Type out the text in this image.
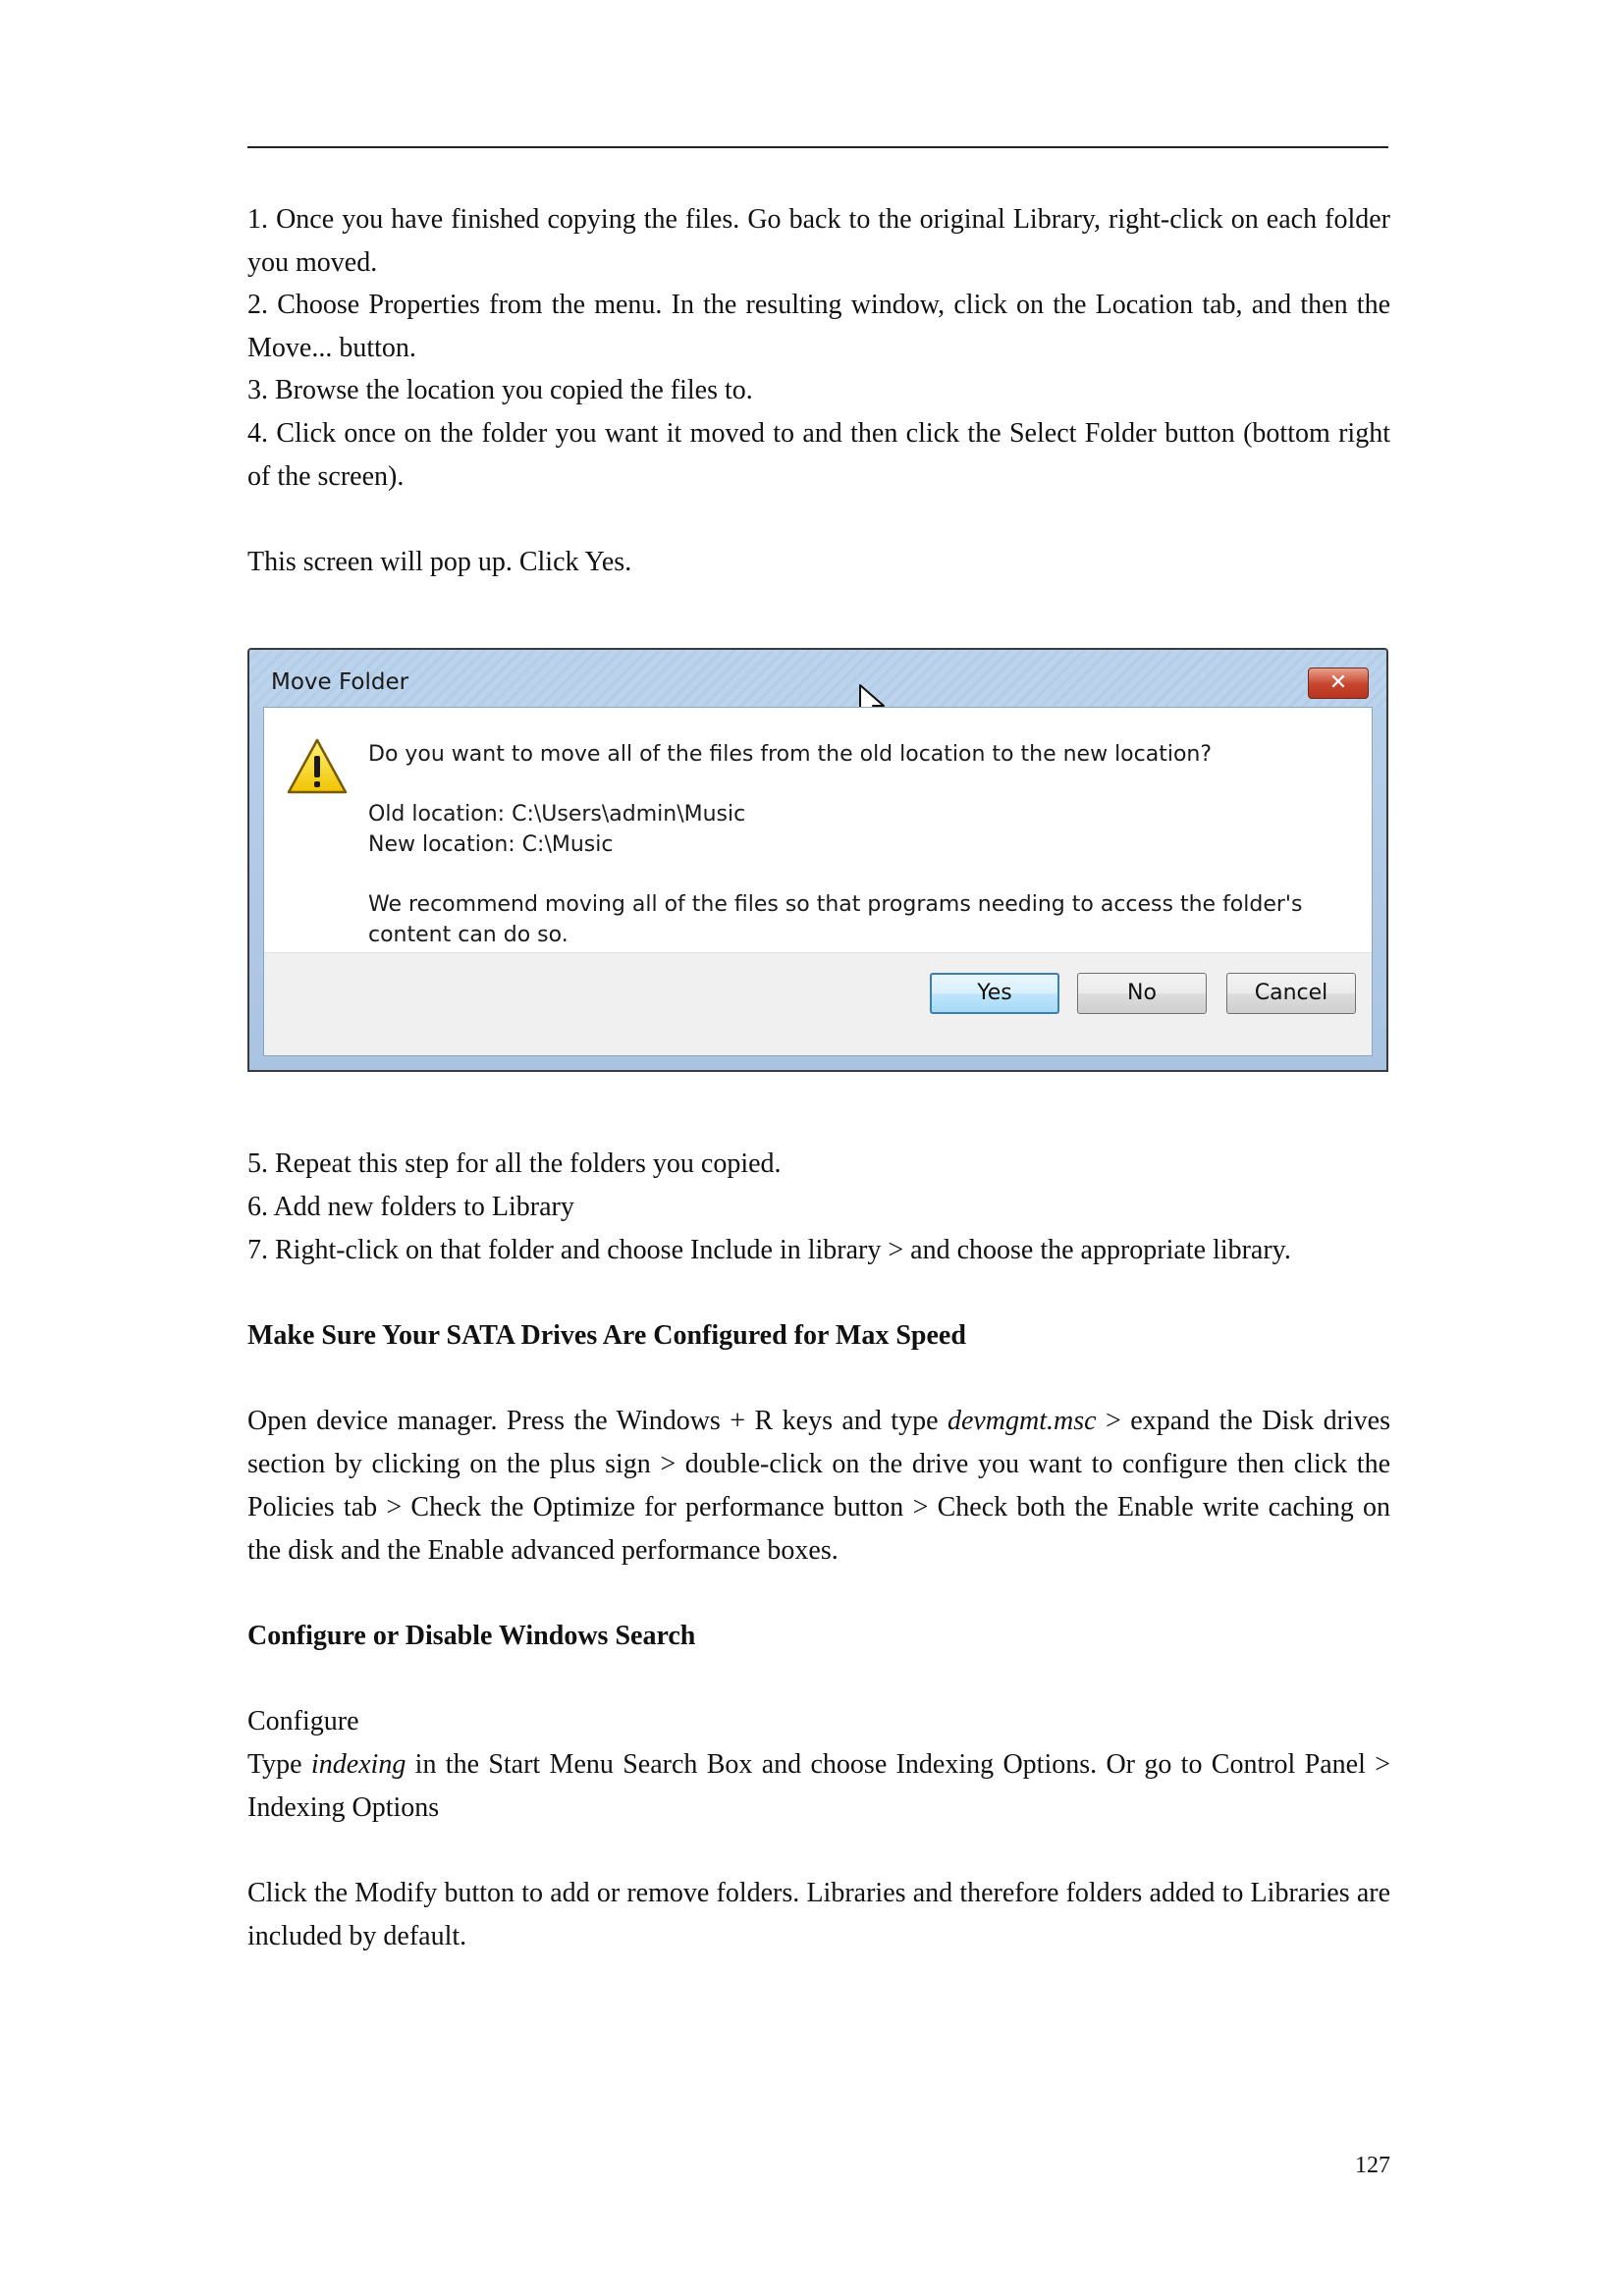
1. Once you have finished copying the files. Go back to the original Library, right-click on each folder you moved.

2. Choose Properties from the menu. In the resulting window, click on the Location tab, and then the Move... button.

3. Browse the location you copied the files to.

4. Click once on the folder you want it moved to and then click the Select Folder button (bottom right of the screen).

This screen will pop up. Click Yes.

Move Folder	✕
Do you want to move all of the files from the old location to the new location?
Old location: C:\Users\admin\Music
New location: C:\Music
We recommend moving all of the files so that programs needing to access the folder's
content can do so.
Yes	No	Cancel

5. Repeat this step for all the folders you copied.

6. Add new folders to Library

7. Right-click on that folder and choose Include in library > and choose the appropriate library.

Make Sure Your SATA Drives Are Configured for Max Speed

Open device manager. Press the Windows + R keys and type devmgmt.msc > expand the Disk drives section by clicking on the plus sign > double-click on the drive you want to configure then click the Policies tab > Check the Optimize for performance button > Check both the Enable write caching on the disk and the Enable advanced performance boxes.

Configure or Disable Windows Search

Configure

Type indexing in the Start Menu Search Box and choose Indexing Options. Or go to Control Panel > Indexing Options

Click the Modify button to add or remove folders. Libraries and therefore folders added to Libraries are included by default.

127
